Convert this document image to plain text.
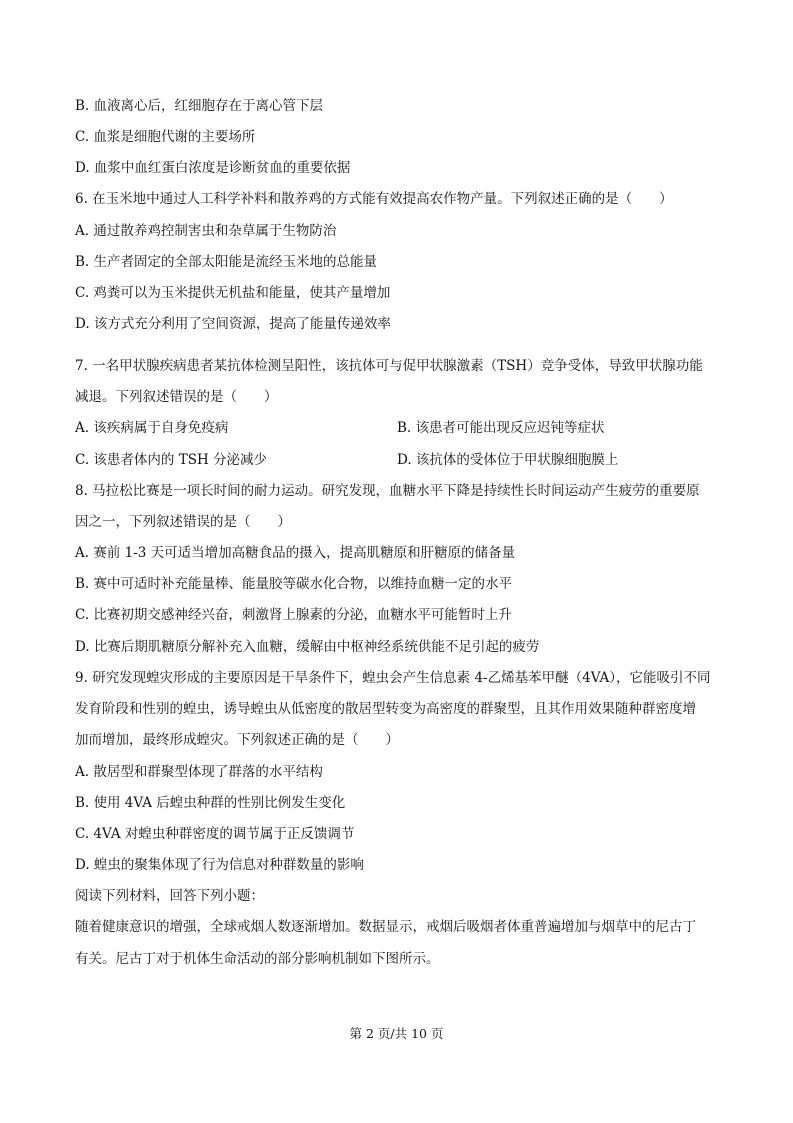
B. 血液离心后，红细胞存在于离心管下层
C. 血浆是细胞代谢的主要场所
D. 血浆中血红蛋白浓度是诊断贫血的重要依据
6. 在玉米地中通过人工科学补料和散养鸡的方式能有效提高农作物产量。下列叙述正确的是（　　）
A. 通过散养鸡控制害虫和杂草属于生物防治
B. 生产者固定的全部太阳能是流经玉米地的总能量
C. 鸡粪可以为玉米提供无机盐和能量，使其产量增加
D. 该方式充分利用了空间资源，提高了能量传递效率
7. 一名甲状腺疾病患者某抗体检测呈阳性，该抗体可与促甲状腺激素（TSH）竞争受体，导致甲状腺功能
减退。下列叙述错误的是（　　）
A. 该疾病属于自身免疫病	B. 该患者可能出现反应迟钝等症状
C. 该患者体内的 TSH 分泌减少	D. 该抗体的受体位于甲状腺细胞膜上
8. 马拉松比赛是一项长时间的耐力运动。研究发现，血糖水平下降是持续性长时间运动产生疲劳的重要原
因之一，下列叙述错误的是（　　）
A. 赛前 1-3 天可适当增加高糖食品的摄入，提高肌糖原和肝糖原的储备量
B. 赛中可适时补充能量棒、能量胶等碳水化合物，以维持血糖一定的水平
C. 比赛初期交感神经兴奋，刺激肾上腺素的分泌，血糖水平可能暂时上升
D. 比赛后期肌糖原分解补充入血糖，缓解由中枢神经系统供能不足引起的疲劳
9. 研究发现蝗灾形成的主要原因是干旱条件下，蝗虫会产生信息素 4-乙烯基苯甲醚（4VA），它能吸引不同
发育阶段和性别的蝗虫，诱导蝗虫从低密度的散居型转变为高密度的群聚型，且其作用效果随种群密度增
加而增加，最终形成蝗灾。下列叙述正确的是（　　）
A. 散居型和群聚型体现了群落的水平结构
B. 使用 4VA 后蝗虫种群的性别比例发生变化
C. 4VA 对蝗虫种群密度的调节属于正反馈调节
D. 蝗虫的聚集体现了行为信息对种群数量的影响
阅读下列材料，回答下列小题：
随着健康意识的增强，全球戒烟人数逐渐增加。数据显示，戒烟后吸烟者体重普遍增加与烟草中的尼古丁
有关。尼古丁对于机体生命活动的部分影响机制如下图所示。
第 2 页/共 10 页
